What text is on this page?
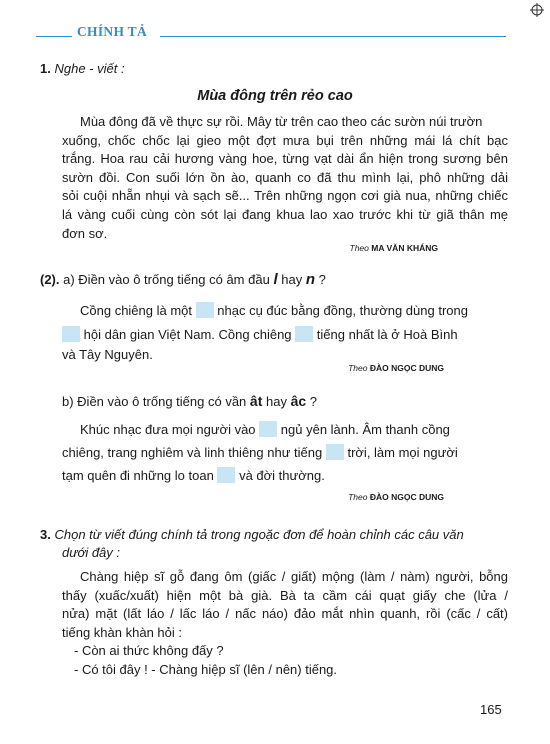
CHÍNH TẢ
1. Nghe - viết :
Mùa đông trên rẻo cao

Mùa đông đã về thực sự rồi. Mây từ trên cao theo các sườn núi trườn

xuống, chốc chốc lại gieo một đợt mưa bụi trên những mái lá chít bạc
trắng. Hoa rau cải hương vàng hoe, từng vạt dài ẩn hiện trong sương bên
sườn đồi. Con suối lớn ồn ào, quanh co đã thu mình lại, phô những dải
sỏi cuội nhẵn nhụi và sạch sẽ... Trên những ngọn cơi già nua, những chiếc
lá vàng cuối cùng còn sót lại đang khua lao xao trước khi từ giã thân mẹ
đơn sơ.
Theo MA VĂN KHÁNG
(2). a) Điền vào ô trống tiếng có âm đầu l hay n ?
Cồng chiêng là một nhạc cụ đúc bằng đồng, thường dùng trong
hội dân gian Việt Nam. Cồng chiêng tiếng nhất là ở Hoà Bình
và Tây Nguyên.
Theo ĐÀO NGỌC DUNG
b) Điền vào ô trống tiếng có vần ât hay âc ?
Khúc nhạc đưa mọi người vào ngủ yên lành. Âm thanh cồng
chiêng, trang nghiêm và linh thiêng như tiếng trời, làm mọi người
tạm quên đi những lo toan và đời thường.
Theo ĐÀO NGỌC DUNG
3. Chọn từ viết đúng chính tả trong ngoặc đơn để hoàn chỉnh các câu văn
dưới đây :
Chàng hiệp sĩ gỗ đang ôm (giấc / giất) mộng (làm / nàm) người, bỗng
thấy (xuấc/xuất) hiện một bà già. Bà ta cầm cái quạt giấy che (lửa /
nửa) mặt (lất láo / lấc láo / nấc náo) đảo mắt nhìn quanh, rồi (cấc / cất)
tiếng khàn khàn hỏi :
- Còn ai thức không đấy ?
- Có tôi đây ! - Chàng hiệp sĩ (lên / nên) tiếng.
165
